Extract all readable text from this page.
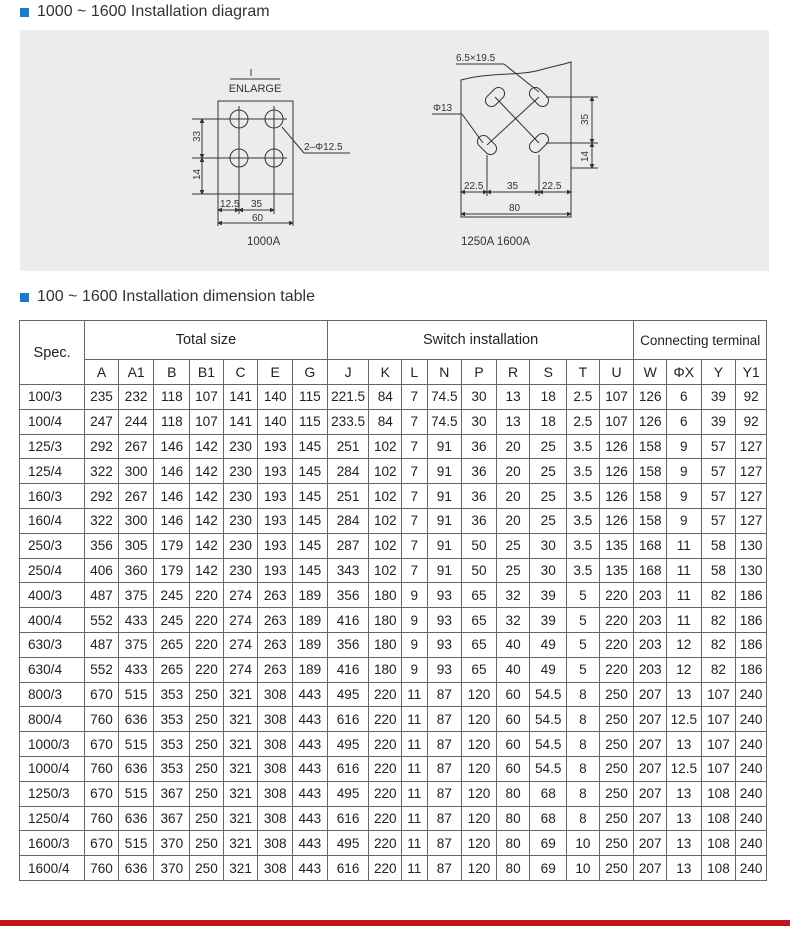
1000 ~ 1600 Installation diagram
I
ENLARGE
2–Φ12.5
33
14
12.5 35
60
1000A
6.5×19.5
Φ13
35
14
22.5 35 22.5
80
1250A 1600A
100 ~ 1600 Installation dimension table
Spec.	Total size							Switch installation									Connecting terminal			
	A	A1	B	B1	C	E	G	J	K	L	N	P	R	S	T	U	W	ΦX	Y	Y1
100/3	235	232	118	107	141	140	115	221.5	84	7	74.5	30	13	18	2.5	107	126	6	39	92
100/4	247	244	118	107	141	140	115	233.5	84	7	74.5	30	13	18	2.5	107	126	6	39	92
125/3	292	267	146	142	230	193	145	251	102	7	91	36	20	25	3.5	126	158	9	57	127
125/4	322	300	146	142	230	193	145	284	102	7	91	36	20	25	3.5	126	158	9	57	127
160/3	292	267	146	142	230	193	145	251	102	7	91	36	20	25	3.5	126	158	9	57	127
160/4	322	300	146	142	230	193	145	284	102	7	91	36	20	25	3.5	126	158	9	57	127
250/3	356	305	179	142	230	193	145	287	102	7	91	50	25	30	3.5	135	168	11	58	130
250/4	406	360	179	142	230	193	145	343	102	7	91	50	25	30	3.5	135	168	11	58	130
400/3	487	375	245	220	274	263	189	356	180	9	93	65	32	39	5	220	203	11	82	186
400/4	552	433	245	220	274	263	189	416	180	9	93	65	32	39	5	220	203	11	82	186
630/3	487	375	265	220	274	263	189	356	180	9	93	65	40	49	5	220	203	12	82	186
630/4	552	433	265	220	274	263	189	416	180	9	93	65	40	49	5	220	203	12	82	186
800/3	670	515	353	250	321	308	443	495	220	11	87	120	60	54.5	8	250	207	13	107	240
800/4	760	636	353	250	321	308	443	616	220	11	87	120	60	54.5	8	250	207	12.5	107	240
1000/3	670	515	353	250	321	308	443	495	220	11	87	120	60	54.5	8	250	207	13	107	240
1000/4	760	636	353	250	321	308	443	616	220	11	87	120	60	54.5	8	250	207	12.5	107	240
1250/3	670	515	367	250	321	308	443	495	220	11	87	120	80	68	8	250	207	13	108	240
1250/4	760	636	367	250	321	308	443	616	220	11	87	120	80	68	8	250	207	13	108	240
1600/3	670	515	370	250	321	308	443	495	220	11	87	120	80	69	10	250	207	13	108	240
1600/4	760	636	370	250	321	308	443	616	220	11	87	120	80	69	10	250	207	13	108	240
